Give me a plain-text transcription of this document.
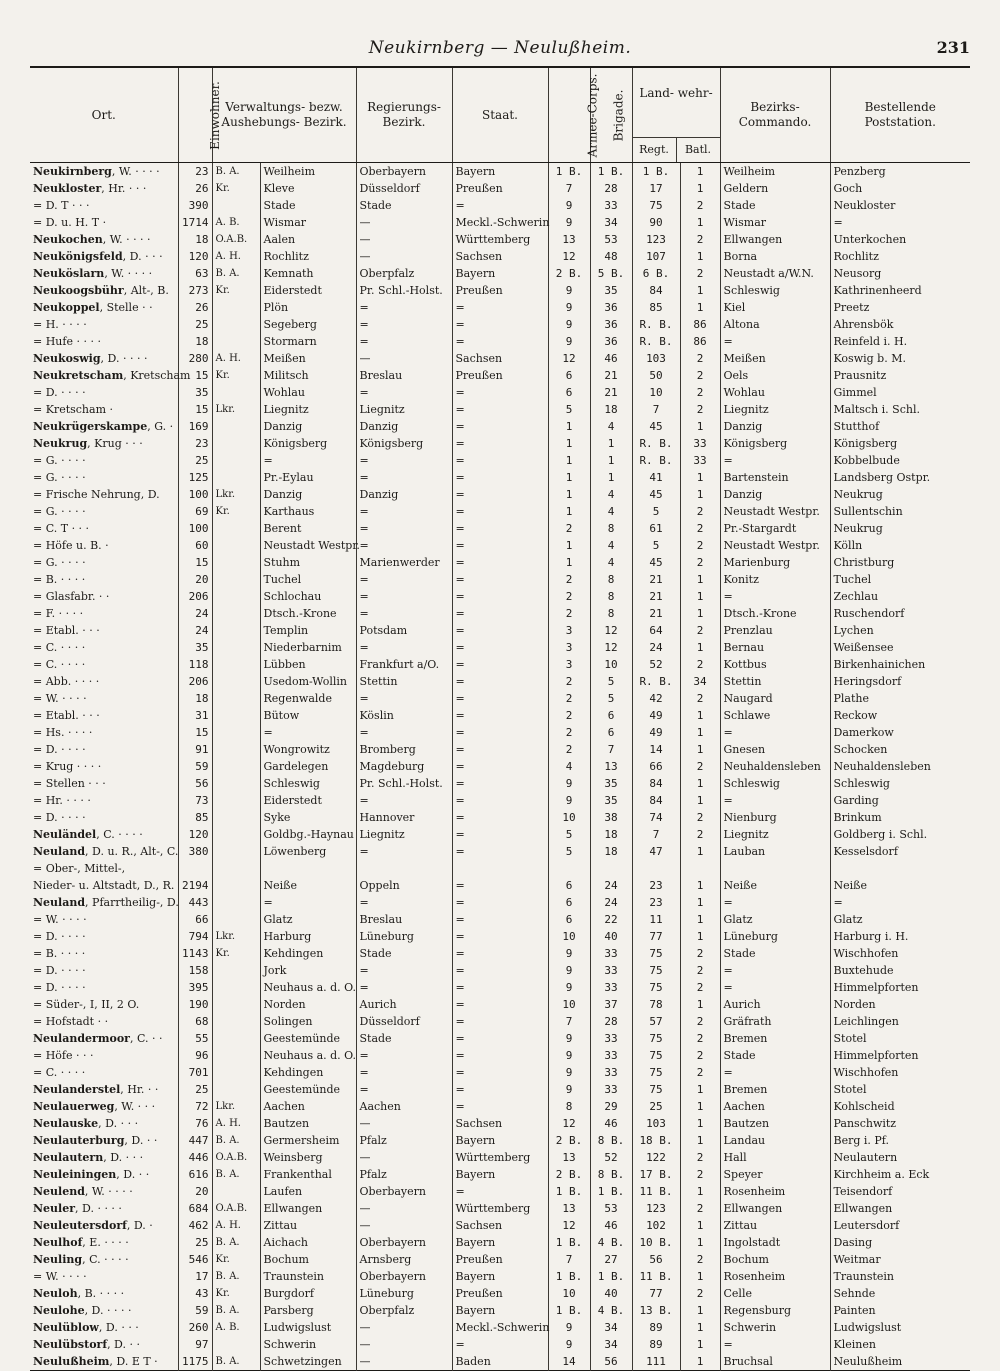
Neukirnberg — Neulußheim.	231
Ort.	Einwohner.	Verwaltungs- bezw. Aushebungs- Bezirk.		Regierungs- Bezirk.	Staat.	Armee-Corps.	Brigade.	Land- wehr-
Regt. Batl.		Bezirks- Commando.	Bestellende Poststation.
Neukirnberg, W. · · · ·	23	B. A.	Weilheim	Oberbayern	Bayern	1 B.	1 B.	1 B.	1	Weilheim	Penzberg
Neukloster, Hr. · · ·	26	Kr.	Kleve	Düsseldorf	Preußen	7	28	17	1	Geldern	Goch
= D. T · · ·	390		Stade	Stade	=	9	33	75	2	Stade	Neukloster
= D. u. H. T ·	1714	A. B.	Wismar	—	Meckl.-Schwerin	9	34	90	1	Wismar	=
Neukochen, W. · · · ·	18	O.A.B.	Aalen	—	Württemberg	13	53	123	2	Ellwangen	Unterkochen
Neukönigsfeld, D. · · ·	120	A. H.	Rochlitz	—	Sachsen	12	48	107	1	Borna	Rochlitz
Neuköslarn, W. · · · ·	63	B. A.	Kemnath	Oberpfalz	Bayern	2 B.	5 B.	6 B.	2	Neustadt a/W.N.	Neusorg
Neukoogsbühr, Alt-, B.	273	Kr.	Eiderstedt	Pr. Schl.-Holst.	Preußen	9	35	84	1	Schleswig	Kathrinenheerd
Neukoppel, Stelle · ·	26		Plön	=	=	9	36	85	1	Kiel	Preetz
= H. · · · ·	25		Segeberg	=	=	9	36	R. B.	86	Altona	Ahrensbök
= Hufe · · · ·	18		Stormarn	=	=	9	36	R. B.	86	=	Reinfeld i. H.
Neukoswig, D. · · · ·	280	A. H.	Meißen	—	Sachsen	12	46	103	2	Meißen	Koswig b. M.
Neukretscham, Kretscham	15	Kr.	Militsch	Breslau	Preußen	6	21	50	2	Oels	Prausnitz
= D. · · · ·	35		Wohlau	=	=	6	21	10	2	Wohlau	Gimmel
= Kretscham ·	15	Lkr.	Liegnitz	Liegnitz	=	5	18	7	2	Liegnitz	Maltsch i. Schl.
Neukrügerskampe, G. ·	169		Danzig	Danzig	=	1	4	45	1	Danzig	Stutthof
Neukrug, Krug · · ·	23		Königsberg	Königsberg	=	1	1	R. B.	33	Königsberg	Königsberg
= G. · · · ·	25		=	=	=	1	1	R. B.	33	=	Kobbelbude
= G. · · · ·	125		Pr.-Eylau	=	=	1	1	41	1	Bartenstein	Landsberg Ostpr.
= Frische Nehrung, D.	100	Lkr.	Danzig	Danzig	=	1	4	45	1	Danzig	Neukrug
= G. · · · ·	69	Kr.	Karthaus	=	=	1	4	5	2	Neustadt Westpr.	Sullentschin
= C. T · · ·	100		Berent	=	=	2	8	61	2	Pr.-Stargardt	Neukrug
= Höfe u. B. ·	60		Neustadt Westpr.	=	=	1	4	5	2	Neustadt Westpr.	Kölln
= G. · · · ·	15		Stuhm	Marienwerder	=	1	4	45	2	Marienburg	Christburg
= B. · · · ·	20		Tuchel	=	=	2	8	21	1	Konitz	Tuchel
= Glasfabr. · ·	206		Schlochau	=	=	2	8	21	1	=	Zechlau
= F. · · · ·	24		Dtsch.-Krone	=	=	2	8	21	1	Dtsch.-Krone	Ruschendorf
= Etabl. · · ·	24		Templin	Potsdam	=	3	12	64	2	Prenzlau	Lychen
= C. · · · ·	35		Niederbarnim	=	=	3	12	24	1	Bernau	Weißensee
= C. · · · ·	118		Lübben	Frankfurt a/O.	=	3	10	52	2	Kottbus	Birkenhainichen
= Abb. · · · ·	206		Usedom-Wollin	Stettin	=	2	5	R. B.	34	Stettin	Heringsdorf
= W. · · · ·	18		Regenwalde	=	=	2	5	42	2	Naugard	Plathe
= Etabl. · · ·	31		Bütow	Köslin	=	2	6	49	1	Schlawe	Reckow
= Hs. · · · ·	15		=	=	=	2	6	49	1	=	Damerkow
= D. · · · ·	91		Wongrowitz	Bromberg	=	2	7	14	1	Gnesen	Schocken
= Krug · · · ·	59		Gardelegen	Magdeburg	=	4	13	66	2	Neuhaldensleben	Neuhaldensleben
= Stellen · · ·	56		Schleswig	Pr. Schl.-Holst.	=	9	35	84	1	Schleswig	Schleswig
= Hr. · · · ·	73		Eiderstedt	=	=	9	35	84	1	=	Garding
= D. · · · ·	85		Syke	Hannover	=	10	38	74	2	Nienburg	Brinkum
Neuländel, C. · · · ·	120		Goldbg.-Haynau	Liegnitz	=	5	18	7	2	Liegnitz	Goldberg i. Schl.
Neuland, D. u. R., Alt-, C.	380		Löwenberg	=	=	5	18	47	1	Lauban	Kesselsdorf
= Ober-, Mittel-,											
Nieder- u. Altstadt, D., R.	2194		Neiße	Oppeln	=	6	24	23	1	Neiße	Neiße
Neuland, Pfarrtheilig-, D.	443		=	=	=	6	24	23	1	=	=
= W. · · · ·	66		Glatz	Breslau	=	6	22	11	1	Glatz	Glatz
= D. · · · ·	794	Lkr.	Harburg	Lüneburg	=	10	40	77	1	Lüneburg	Harburg i. H.
= B. · · · ·	1143	Kr.	Kehdingen	Stade	=	9	33	75	2	Stade	Wischhofen
= D. · · · ·	158		Jork	=	=	9	33	75	2	=	Buxtehude
= D. · · · ·	395		Neuhaus a. d. O.	=	=	9	33	75	2	=	Himmelpforten
= Süder-, I, II, 2 O.	190		Norden	Aurich	=	10	37	78	1	Aurich	Norden
= Hofstadt · ·	68		Solingen	Düsseldorf	=	7	28	57	2	Gräfrath	Leichlingen
Neulandermoor, C. · ·	55		Geestemünde	Stade	=	9	33	75	2	Bremen	Stotel
= Höfe · · ·	96		Neuhaus a. d. O.	=	=	9	33	75	2	Stade	Himmelpforten
= C. · · · ·	701		Kehdingen	=	=	9	33	75	2	=	Wischhofen
Neulanderstel, Hr. · ·	25		Geestemünde	=	=	9	33	75	1	Bremen	Stotel
Neulauerweg, W. · · ·	72	Lkr.	Aachen	Aachen	=	8	29	25	1	Aachen	Kohlscheid
Neulauske, D. · · ·	76	A. H.	Bautzen	—	Sachsen	12	46	103	1	Bautzen	Panschwitz
Neulauterburg, D. · ·	447	B. A.	Germersheim	Pfalz	Bayern	2 B.	8 B.	18 B.	1	Landau	Berg i. Pf.
Neulautern, D. · · ·	446	O.A.B.	Weinsberg	—	Württemberg	13	52	122	2	Hall	Neulautern
Neuleiningen, D. · ·	616	B. A.	Frankenthal	Pfalz	Bayern	2 B.	8 B.	17 B.	2	Speyer	Kirchheim a. Eck
Neulend, W. · · · ·	20		Laufen	Oberbayern	=	1 B.	1 B.	11 B.	1	Rosenheim	Teisendorf
Neuler, D. · · · ·	684	O.A.B.	Ellwangen	—	Württemberg	13	53	123	2	Ellwangen	Ellwangen
Neuleutersdorf, D. ·	462	A. H.	Zittau	—	Sachsen	12	46	102	1	Zittau	Leutersdorf
Neulhof, E. · · · ·	25	B. A.	Aichach	Oberbayern	Bayern	1 B.	4 B.	10 B.	1	Ingolstadt	Dasing
Neuling, C. · · · ·	546	Kr.	Bochum	Arnsberg	Preußen	7	27	56	2	Bochum	Weitmar
= W. · · · ·	17	B. A.	Traunstein	Oberbayern	Bayern	1 B.	1 B.	11 B.	1	Rosenheim	Traunstein
Neuloh, B. · · · ·	43	Kr.	Burgdorf	Lüneburg	Preußen	10	40	77	2	Celle	Sehnde
Neulohe, D. · · · ·	59	B. A.	Parsberg	Oberpfalz	Bayern	1 B.	4 B.	13 B.	1	Regensburg	Painten
Neulüblow, D. · · ·	260	A. B.	Ludwigslust	—	Meckl.-Schwerin	9	34	89	1	Schwerin	Ludwigslust
Neulübstorf, D. · ·	97		Schwerin	—	=	9	34	89	1	=	Kleinen
Neulußheim, D. E T ·	1175	B. A.	Schwetzingen	—	Baden	14	56	111	1	Bruchsal	Neulußheim
